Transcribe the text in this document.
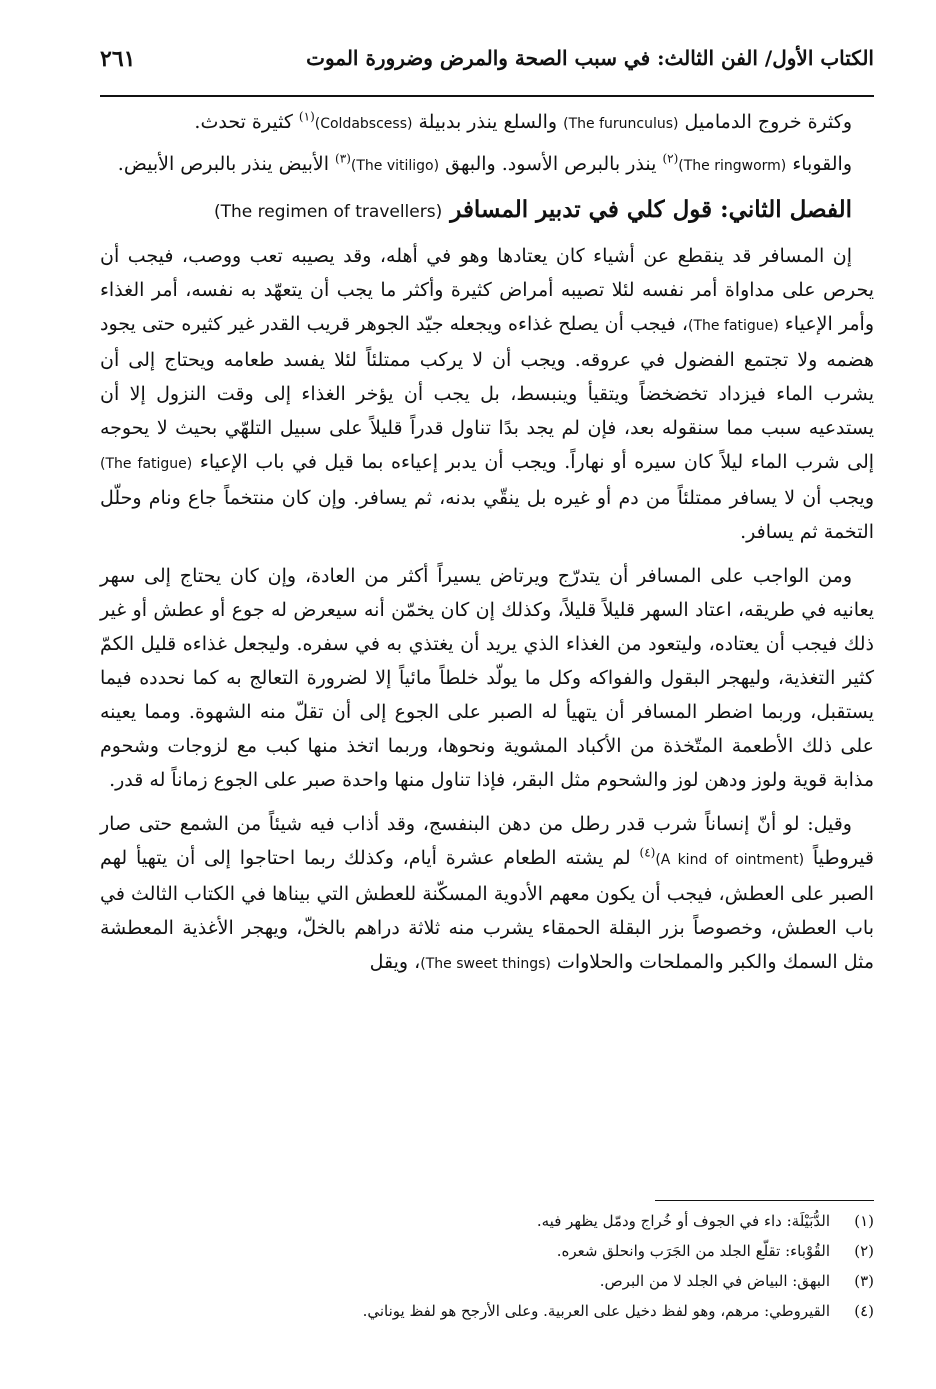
الكتاب الأول/ الفن الثالث: في سبب الصحة والمرض وضرورة الموت
٢٦١

وكثرة خروج الدماميل (The furunculus) والسلع ينذر بدبيلة (Coldabscess)$^{(١)}$ كثيرة تحدث.

والقوباء (The ringworm)$^{(٢)}$ ينذر بالبرص الأسود. والبهق (The vitiligo)$^{(٣)}$ الأبيض ينذر بالبرص الأبيض.

الفصل الثاني: قول كلي في تدبير المسافر (The regimen of travellers)

إن المسافر قد ينقطع عن أشياء كان يعتادها وهو في أهله، وقد يصيبه تعب ووصب، فيجب أن يحرص على مداواة أمر نفسه لئلا تصيبه أمراض كثيرة وأكثر ما يجب أن يتعهّد به نفسه، أمر الغذاء وأمر الإعياء (The fatigue)، فيجب أن يصلح غذاءه ويجعله جيّد الجوهر قريب القدر غير كثيره حتى يجود هضمه ولا تجتمع الفضول في عروقه. ويجب أن لا يركب ممتلئاً لئلا يفسد طعامه ويحتاج إلى أن يشرب الماء فيزداد تخضخضاً ويتقيأ وينبسط، بل يجب أن يؤخر الغذاء إلى وقت النزول إلا أن يستدعيه سبب مما سنقوله بعد، فإن لم يجد بدًا تناول قدراً قليلاً على سبيل التلهّي بحيث لا يحوجه إلى شرب الماء ليلاً كان سيره أو نهاراً. ويجب أن يدبر إعياءه بما قيل في باب الإعياء (The fatigue) ويجب أن لا يسافر ممتلئاً من دم أو غيره بل ينقّي بدنه، ثم يسافر. وإن كان منتخماً جاع ونام وحلّل التخمة ثم يسافر.

ومن الواجب على المسافر أن يتدرّج ويرتاض يسيراً أكثر من العادة، وإن كان يحتاج إلى سهر يعانيه في طريقه، اعتاد السهر قليلاً قليلاً، وكذلك إن كان يخمّن أنه سيعرض له جوع أو عطش أو غير ذلك فيجب أن يعتاده، وليتعود من الغذاء الذي يريد أن يغتذي به في سفره. وليجعل غذاءه قليل الكمّ كثير التغذية، وليهجر البقول والفواكه وكل ما يولّد خلطاً مائياً إلا لضرورة التعالج به كما نحدده فيما يستقبل، وربما اضطر المسافر أن يتهيأ له الصبر على الجوع إلى أن تقلّ منه الشهوة. ومما يعينه على ذلك الأطعمة المتّخذة من الأكباد المشوية ونحوها، وربما اتخذ منها كبب مع لزوجات وشحوم مذابة قوية ولوز ودهن لوز والشحوم مثل البقر، فإذا تناول منها واحدة صبر على الجوع زماناً له قدر.

وقيل: لو أنّ إنساناً شرب قدر رطل من دهن البنفسج، وقد أذاب فيه شيئاً من الشمع حتى صار قيروطياً (A kind of ointment)$^{(٤)}$ لم يشته الطعام عشرة أيام، وكذلك ربما احتاجوا إلى أن يتهيأ لهم الصبر على العطش، فيجب أن يكون معهم الأدوية المسكّنة للعطش التي بيناها في الكتاب الثالث في باب العطش، وخصوصاً بزر البقلة الحمقاء يشرب منه ثلاثة دراهم بالخلّ، ويهجر الأغذية المعطشة مثل السمك والكبر والمملحات والحلاوات (The sweet things)، ويقل

(١)
الدُّبَيْلَة: داء في الجوف أو خُراج ودمّل يظهر فيه.
(٢)
القُوْباء: تقلّع الجلد من الجَرَب وانحلق شعره.
(٣)
البهق: البياض في الجلد لا من البرص.
(٤)
القيروطي: مرهم، وهو لفظ دخيل على العربية. وعلى الأرجح هو لفظ يوناني.
